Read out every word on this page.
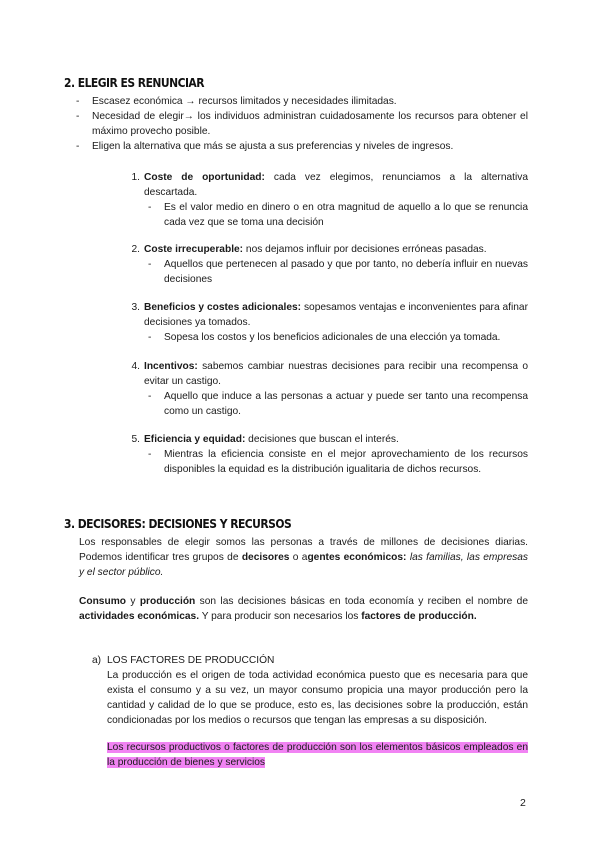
2. ELEGIR ES RENUNCIAR
- Escasez económica → recursos limitados y necesidades ilimitadas.
- Necesidad de elegir→ los individuos administran cuidadosamente los recursos para obtener el máximo provecho posible.
- Eligen la alternativa que más se ajusta a sus preferencias y niveles de ingresos.
1. Coste de oportunidad: cada vez elegimos, renunciamos a la alternativa descartada.
- Es el valor medio en dinero o en otra magnitud de aquello a lo que se renuncia cada vez que se toma una decisión
2. Coste irrecuperable: nos dejamos influir por decisiones erróneas pasadas.
- Aquellos que pertenecen al pasado y que por tanto, no debería influir en nuevas decisiones
3. Beneficios y costes adicionales: sopesamos ventajas e inconvenientes para afinar decisiones ya tomados.
- Sopesa los costos y los beneficios adicionales de una elección ya tomada.
4. Incentivos: sabemos cambiar nuestras decisiones para recibir una recompensa o evitar un castigo.
- Aquello que induce a las personas a actuar y puede ser tanto una recompensa como un castigo.
5. Eficiencia y equidad: decisiones que buscan el interés.
- Mientras la eficiencia consiste en el mejor aprovechamiento de los recursos disponibles la equidad es la distribución igualitaria de dichos recursos.
3. DECISORES: DECISIONES Y RECURSOS
Los responsables de elegir somos las personas a través de millones de decisiones diarias. Podemos identificar tres grupos de decisores o agentes económicos: las familias, las empresas y el sector público.
Consumo y producción son las decisiones básicas en toda economía y reciben el nombre de actividades económicas. Y para producir son necesarios los factores de producción.
a) LOS FACTORES DE PRODUCCIÓN
La producción es el origen de toda actividad económica puesto que es necesaria para que exista el consumo y a su vez, un mayor consumo propicia una mayor producción pero la cantidad y calidad de lo que se produce, esto es, las decisiones sobre la producción, están condicionadas por los medios o recursos que tengan las empresas a su disposición.
Los recursos productivos o factores de producción son los elementos básicos empleados en la producción de bienes y servicios
2
